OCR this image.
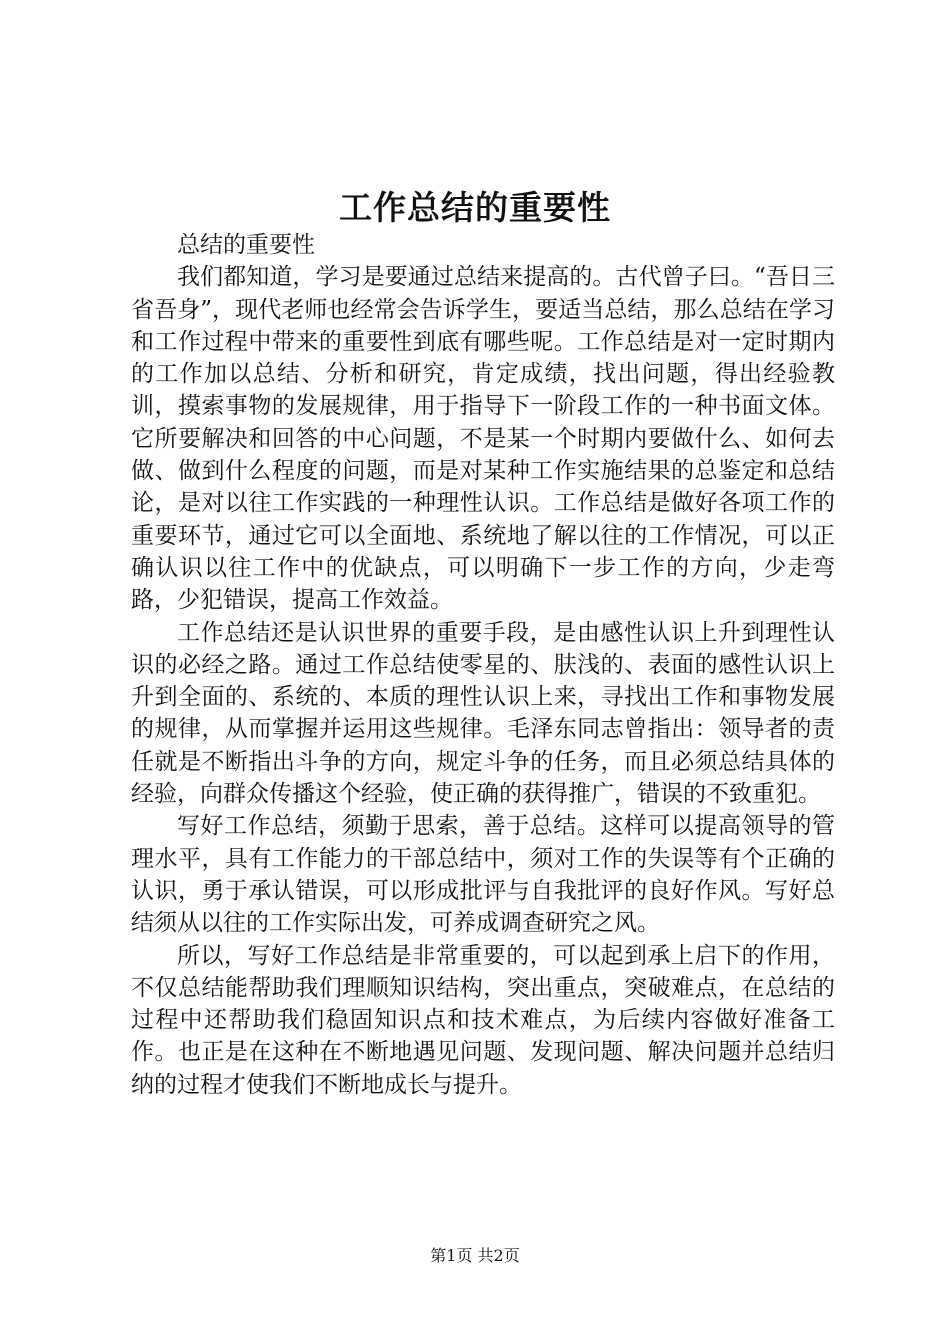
工作总结的重要性

总结的重要性

我们都知道，学习是要通过总结来提高的。古代曾子曰。“吾日三省吾身”，现代老师也经常会告诉学生，要适当总结，那么总结在学习和工作过程中带来的重要性到底有哪些呢。工作总结是对一定时期内的工作加以总结、分析和研究，肯定成绩，找出问题，得出经验教训，摸索事物的发展规律，用于指导下一阶段工作的一种书面文体。它所要解决和回答的中心问题，不是某一个时期内要做什么、如何去做、做到什么程度的问题，而是对某种工作实施结果的总鉴定和总结论，是对以往工作实践的一种理性认识。工作总结是做好各项工作的重要环节，通过它可以全面地、系统地了解以往的工作情况，可以正确认识以往工作中的优缺点，可以明确下一步工作的方向，少走弯路，少犯错误，提高工作效益。

工作总结还是认识世界的重要手段，是由感性认识上升到理性认识的必经之路。通过工作总结使零星的、肤浅的、表面的感性认识上升到全面的、系统的、本质的理性认识上来，寻找出工作和事物发展的规律，从而掌握并运用这些规律。毛泽东同志曾指出：领导者的责任就是不断指出斗争的方向，规定斗争的任务，而且必须总结具体的经验，向群众传播这个经验，使正确的获得推广，错误的不致重犯。

写好工作总结，须勤于思索，善于总结。这样可以提高领导的管理水平，具有工作能力的干部总结中，须对工作的失误等有个正确的认识，勇于承认错误，可以形成批评与自我批评的良好作风。写好总结须从以往的工作实际出发，可养成调查研究之风。

所以，写好工作总结是非常重要的，可以起到承上启下的作用，不仅总结能帮助我们理顺知识结构，突出重点，突破难点，在总结的过程中还帮助我们稳固知识点和技术难点，为后续内容做好准备工作。也正是在这种在不断地遇见问题、发现问题、解决问题并总结归纳的过程才使我们不断地成长与提升。

第1页 共2页
